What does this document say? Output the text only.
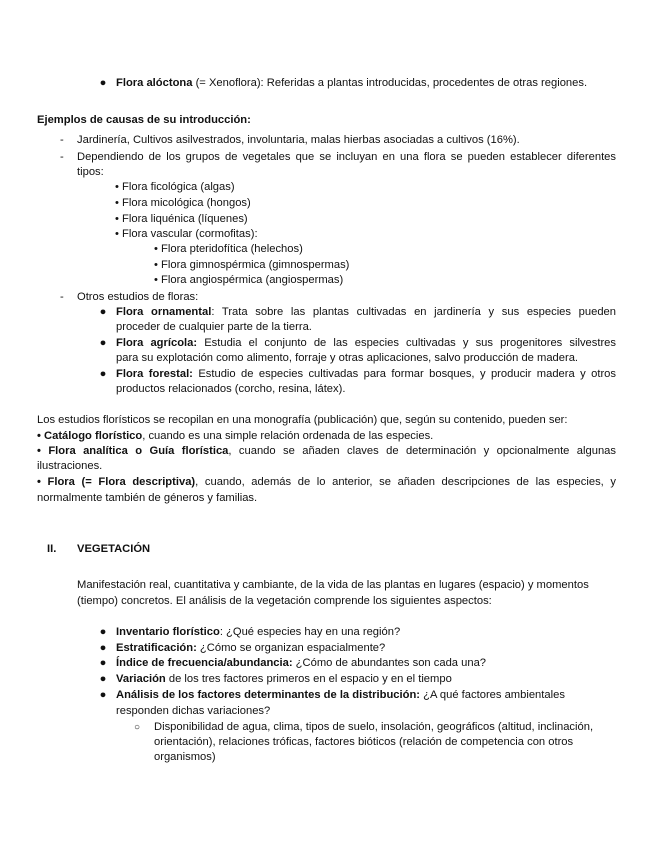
● Flora alóctona (= Xenoflora): Referidas a plantas introducidas, procedentes de otras regiones.
Ejemplos de causas de su introducción:
- Jardinería, Cultivos asilvestrados, involuntaria, malas hierbas asociadas a cultivos (16%).
- Dependiendo de los grupos de vegetales que se incluyan en una flora se pueden establecer diferentes
tipos:
• Flora ficológica (algas)
• Flora micológica (hongos)
• Flora liquénica (líquenes)
• Flora vascular (cormofitas):
• Flora pteridofítica (helechos)
• Flora gimnospérmica (gimnospermas)
• Flora angiospérmica (angiospermas)
- Otros estudios de floras:
● Flora ornamental: Trata sobre las plantas cultivadas en jardinería y sus especies pueden
proceder de cualquier parte de la tierra.
● Flora agrícola: Estudia el conjunto de las especies cultivadas y sus progenitores silvestres
para su explotación como alimento, forraje y otras aplicaciones, salvo producción de madera.
● Flora forestal: Estudio de especies cultivadas para formar bosques, y producir madera y otros
productos relacionados (corcho, resina, látex).
Los estudios florísticos se recopilan en una monografía (publicación) que, según su contenido, pueden ser:
• Catálogo florístico, cuando es una simple relación ordenada de las especies.
• Flora analítica o Guía florística, cuando se añaden claves de determinación y opcionalmente algunas
ilustraciones.
• Flora (= Flora descriptiva), cuando, además de lo anterior, se añaden descripciones de las especies, y
normalmente también de géneros y familias.
II. VEGETACIÓN
Manifestación real, cuantitativa y cambiante, de la vida de las plantas en lugares (espacio) y momentos
(tiempo) concretos. El análisis de la vegetación comprende los siguientes aspectos:
● Inventario florístico: ¿Qué especies hay en una región?
● Estratificación: ¿Cómo se organizan espacialmente?
● Índice de frecuencia/abundancia: ¿Cómo de abundantes son cada una?
● Variación de los tres factores primeros en el espacio y en el tiempo
● Análisis de los factores determinantes de la distribución: ¿A qué factores ambientales
responden dichas variaciones?
○ Disponibilidad de agua, clima, tipos de suelo, insolación, geográficos (altitud, inclinación,
orientación), relaciones tróficas, factores bióticos (relación de competencia con otros
organismos)
